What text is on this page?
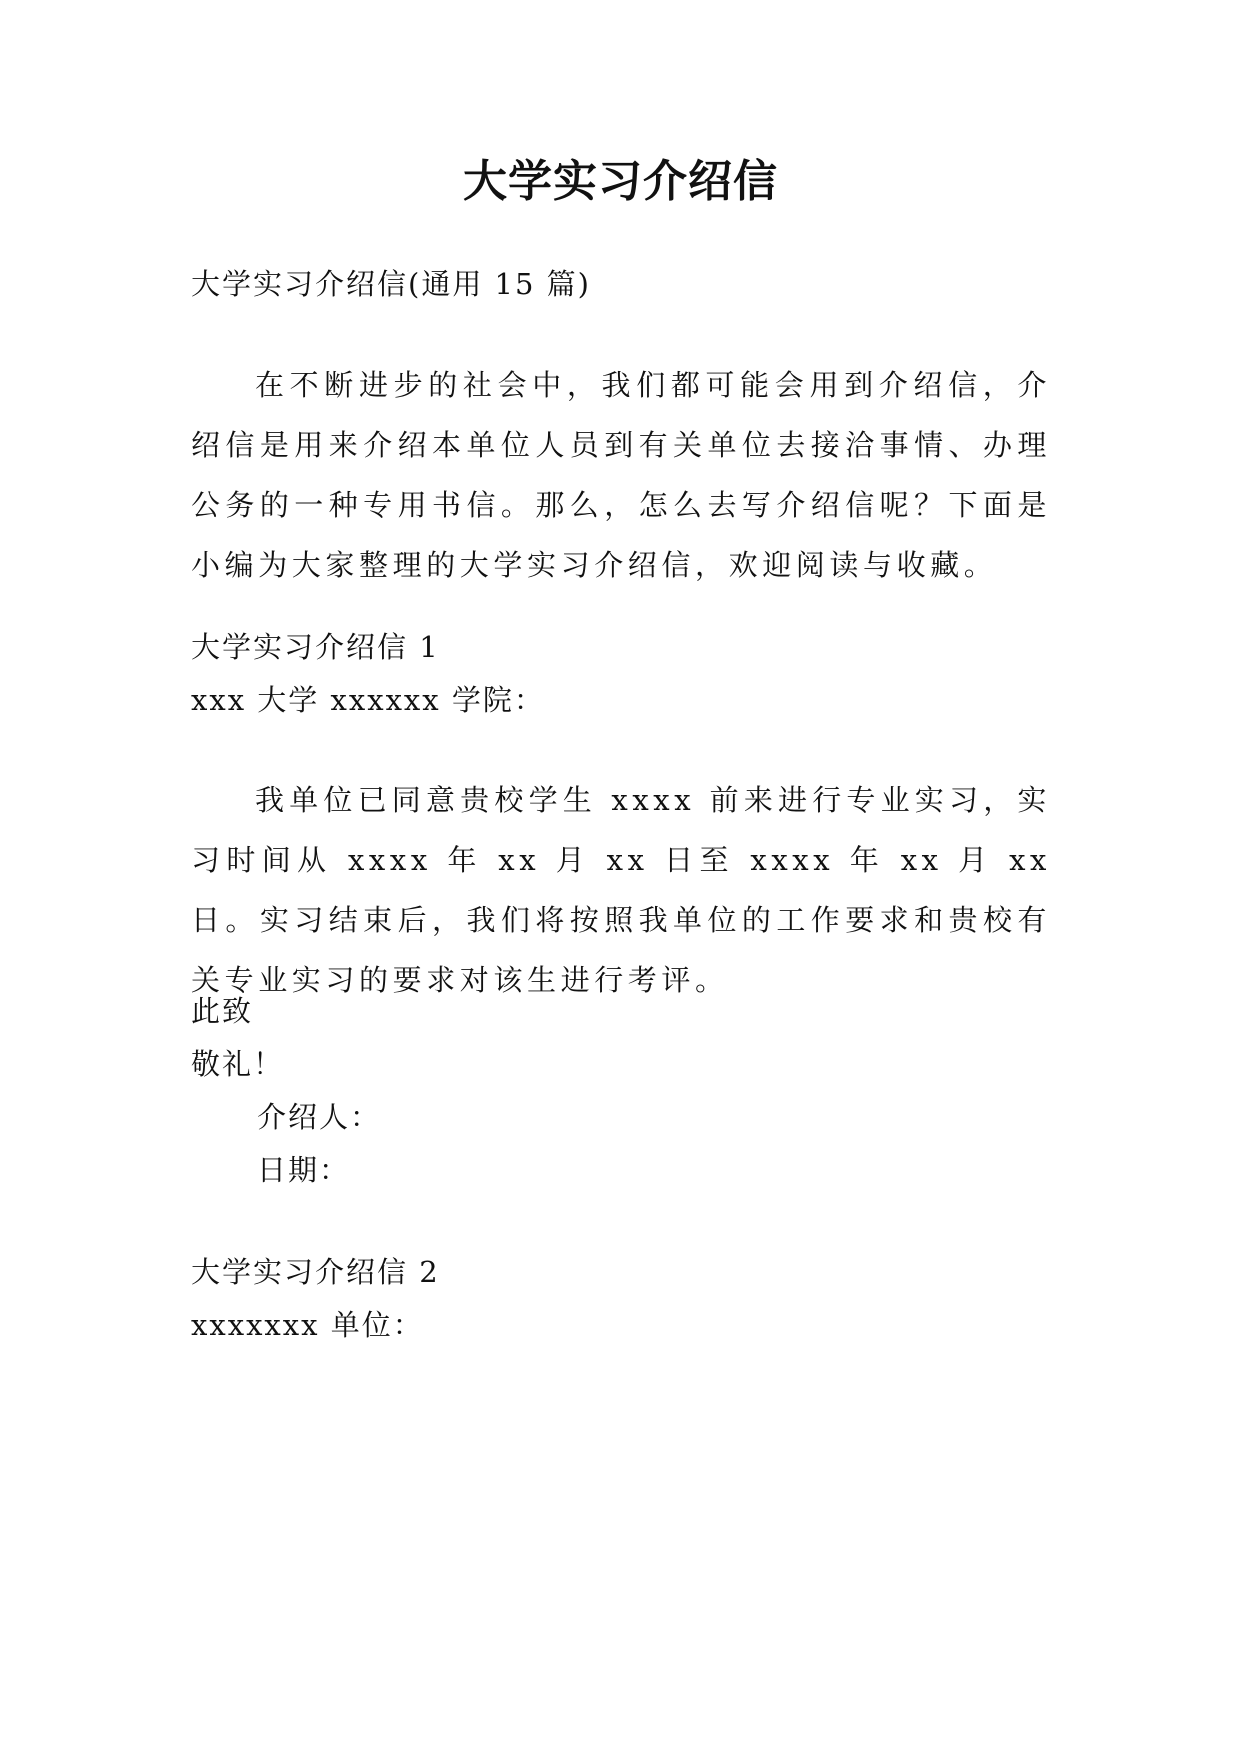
大学实习介绍信

大学实习介绍信(通用 15 篇)

在不断进步的社会中，我们都可能会用到介绍信，介绍信是用来介绍本单位人员到有关单位去接洽事情、办理公务的一种专用书信。那么，怎么去写介绍信呢？下面是小编为大家整理的大学实习介绍信，欢迎阅读与收藏。

大学实习介绍信 1

xxx 大学 xxxxxx 学院：

我单位已同意贵校学生 xxxx 前来进行专业实习，实习时间从 xxxx 年 xx 月 xx 日至 xxxx 年 xx 月 xx 日。实习结束后，我们将按照我单位的工作要求和贵校有关专业实习的要求对该生进行考评。

此致

敬礼！

介绍人：

日期：

大学实习介绍信 2

xxxxxxx 单位：
